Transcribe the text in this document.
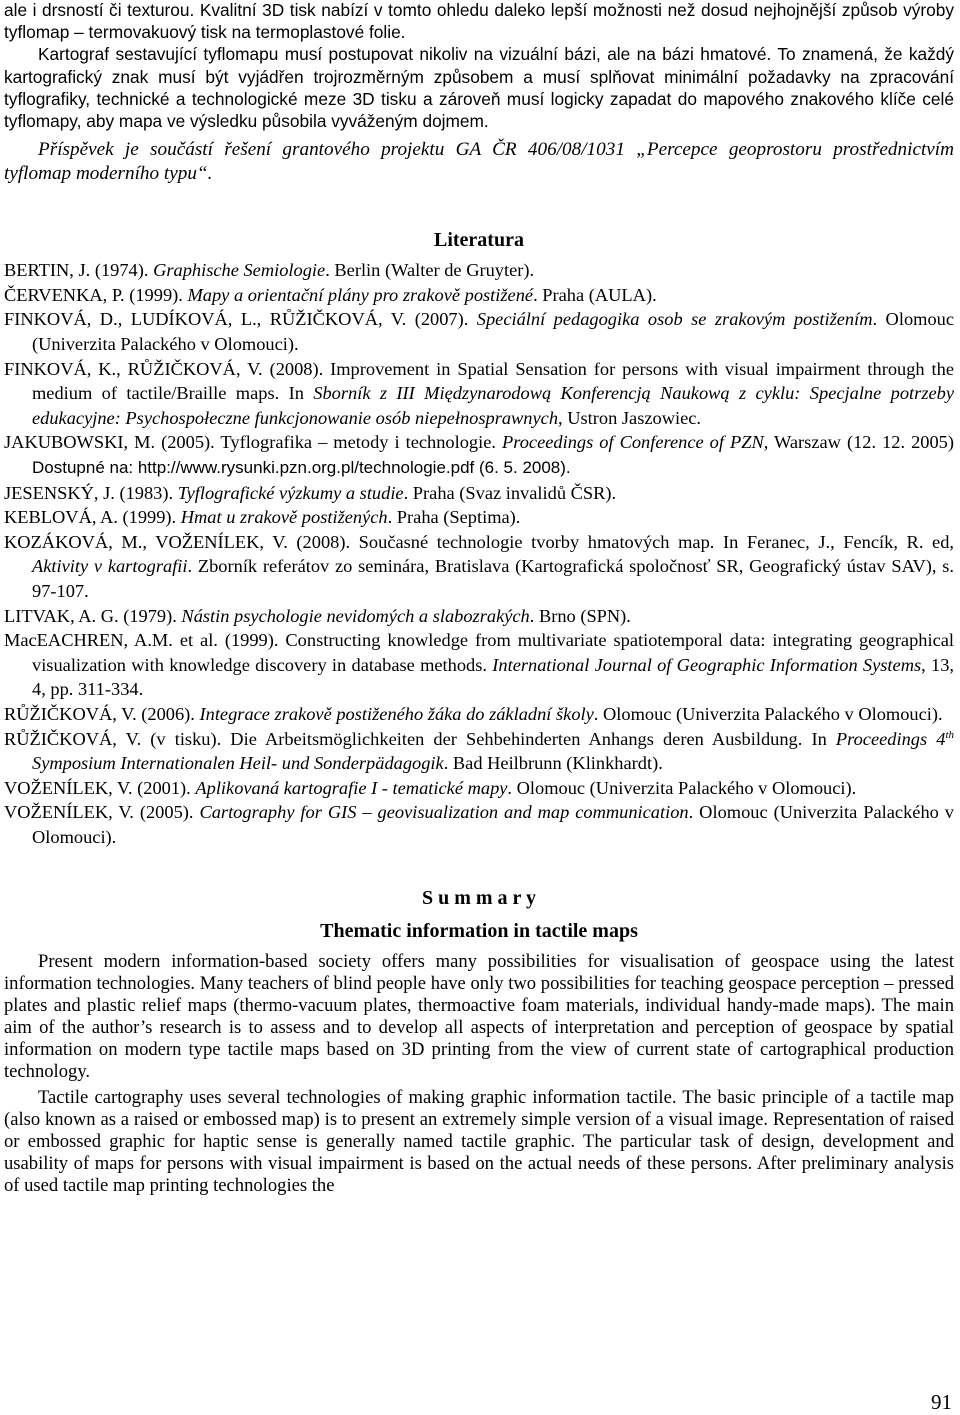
ale i drsností či texturou. Kvalitní 3D tisk nabízí v tomto ohledu daleko lepší možnosti než dosud nejhojnější způsob výroby tyflomap – termovakuový tisk na termoplastové folie.

Kartograf sestavující tyflomapu musí postupovat nikoliv na vizuální bázi, ale na bázi hmatové. To znamená, že každý kartografický znak musí být vyjádřen trojrozměrným způsobem a musí splňovat minimální požadavky na zpracování tyflografiky, technické a technologické meze 3D tisku a zároveň musí logicky zapadat do mapového znakového klíče celé tyflomapy, aby mapa ve výsledku působila vyváženým dojmem.

Příspěvek je součástí řešení grantového projektu GA ČR 406/08/1031 „Percepce geoprostoru prostřednictvím tyflomap moderního typu“.

Literatura

BERTIN, J. (1974). Graphische Semiologie. Berlin (Walter de Gruyter).

ČERVENKA, P. (1999). Mapy a orientační plány pro zrakově postižené. Praha (AULA).

FINKOVÁ, D., LUDÍKOVÁ, L., RŮŽIČKOVÁ, V. (2007). Speciální pedagogika osob se zrakovým postižením. Olomouc (Univerzita Palackého v Olomouci).

FINKOVÁ, K., RŮŽIČKOVÁ, V. (2008). Improvement in Spatial Sensation for persons with visual impairment through the medium of tactile/Braille maps. In Sborník z III Międzynarodową Konferencją Naukową z cyklu: Specjalne potrzeby edukacyjne: Psychospołeczne funkcjonowanie osób niepełnosprawnych, Ustron Jaszowiec.

JAKUBOWSKI, M. (2005). Tyflografika – metody i technologie. Proceedings of Conference of PZN, Warszaw (12. 12. 2005) Dostupné na: http://www.rysunki.pzn.org.pl/technologie.pdf (6. 5. 2008).

JESENSKÝ, J. (1983). Tyflografické výzkumy a studie. Praha (Svaz invalidů ČSR).

KEBLOVÁ, A. (1999). Hmat u zrakově postižených. Praha (Septima).

KOZÁKOVÁ, M., VOŽENÍLEK, V. (2008). Současné technologie tvorby hmatových map. In Feranec, J., Fencík, R. ed, Aktivity v kartografii. Zborník referátov zo seminára, Bratislava (Kartografická spoločnosť SR, Geografický ústav SAV), s. 97-107.

LITVAK, A. G. (1979). Nástin psychologie nevidomých a slabozrakých. Brno (SPN).

MacEACHREN, A.M. et al. (1999). Constructing knowledge from multivariate spatiotemporal data: integrating geographical visualization with knowledge discovery in database methods. International Journal of Geographic Information Systems, 13, 4, pp. 311-334.

RŮŽIČKOVÁ, V. (2006). Integrace zrakově postiženého žáka do základní školy. Olomouc (Univerzita Palackého v Olomouci).

RŮŽIČKOVÁ, V. (v tisku). Die Arbeitsmöglichkeiten der Sehbehinderten Anhangs deren Ausbildung. In Proceedings 4th Symposium Internationalen Heil- und Sonderpädagogik. Bad Heilbrunn (Klinkhardt).

VOŽENÍLEK, V. (2001). Aplikovaná kartografie I - tematické mapy. Olomouc (Univerzita Palackého v Olomouci).

VOŽENÍLEK, V. (2005). Cartography for GIS – geovisualization and map communication. Olomouc (Univerzita Palackého v Olomouci).

S u m m a r y
Thematic information in tactile maps

Present modern information-based society offers many possibilities for visualisation of geospace using the latest information technologies. Many teachers of blind people have only two possibilities for teaching geospace perception – pressed plates and plastic relief maps (thermo-vacuum plates, thermoactive foam materials, individual handy-made maps). The main aim of the author’s research is to assess and to develop all aspects of interpretation and perception of geospace by spatial information on modern type tactile maps based on 3D printing from the view of current state of cartographical production technology.

Tactile cartography uses several technologies of making graphic information tactile. The basic principle of a tactile map (also known as a raised or embossed map) is to present an extremely simple version of a visual image. Representation of raised or embossed graphic for haptic sense is generally named tactile graphic. The particular task of design, development and usability of maps for persons with visual impairment is based on the actual needs of these persons. After preliminary analysis of used tactile map printing technologies the

91
